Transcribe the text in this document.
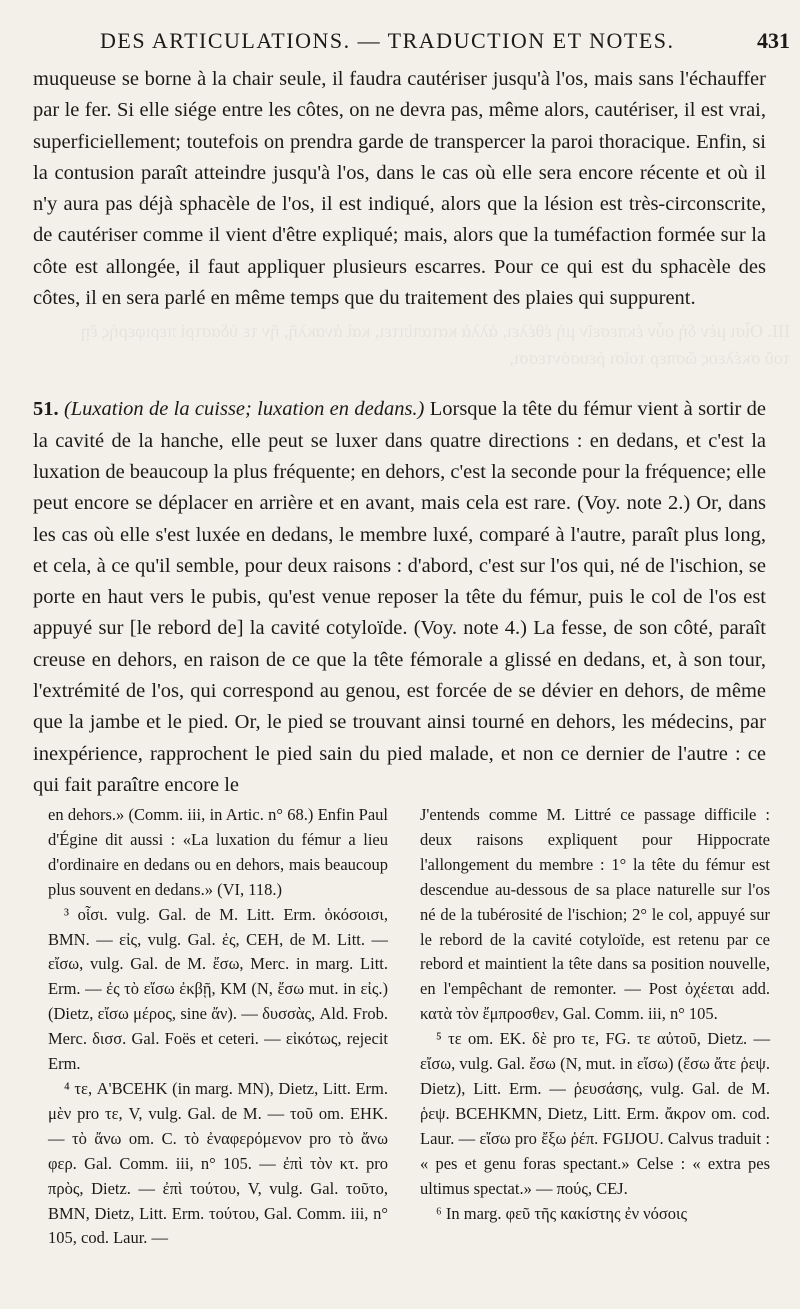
ΙΙΙ. Οἷσι μὲν δὴ οὖν ἐκπεσεῖν μὴ ἐθέλει, ἀλλὰ καταπίπτει, καὶ ἀνακλῆ, ἤν τε ὑδαστρὶ περιφερὴς ἔῃ τοῦ σκέλεος ὥσπερ τοῖσι ῥευσόντεσσι,
DES ARTICULATIONS. — TRADUCTION ET NOTES.	431

muqueuse se borne à la chair seule, il faudra cautériser jusqu'à l'os, mais sans l'échauffer par le fer. Si elle siége entre les côtes, on ne devra pas, même alors, cautériser, il est vrai, superficiellement; toutefois on prendra garde de transpercer la paroi thoracique. Enfin, si la contusion paraît atteindre jusqu'à l'os, dans le cas où elle sera encore récente et où il n'y aura pas déjà sphacèle de l'os, il est indiqué, alors que la lésion est très-circonscrite, de cautériser comme il vient d'être expliqué; mais, alors que la tuméfaction formée sur la côte est allongée, il faut appliquer plusieurs escarres. Pour ce qui est du sphacèle des côtes, il en sera parlé en même temps que du traitement des plaies qui suppurent.

51. (Luxation de la cuisse; luxation en dedans.) Lorsque la tête du fémur vient à sortir de la cavité de la hanche, elle peut se luxer dans quatre directions : en dedans, et c'est la luxation de beaucoup la plus fréquente; en dehors, c'est la seconde pour la fréquence; elle peut encore se déplacer en arrière et en avant, mais cela est rare. (Voy. note 2.) Or, dans les cas où elle s'est luxée en dedans, le membre luxé, comparé à l'autre, paraît plus long, et cela, à ce qu'il semble, pour deux raisons : d'abord, c'est sur l'os qui, né de l'ischion, se porte en haut vers le pubis, qu'est venue reposer la tête du fémur, puis le col de l'os est appuyé sur [le rebord de] la cavité cotyloïde. (Voy. note 4.) La fesse, de son côté, paraît creuse en dehors, en raison de ce que la tête fémorale a glissé en dedans, et, à son tour, l'extrémité de l'os, qui correspond au genou, est forcée de se dévier en dehors, de même que la jambe et le pied. Or, le pied se trouvant ainsi tourné en dehors, les médecins, par inexpérience, rapprochent le pied sain du pied malade, et non ce dernier de l'autre : ce qui fait paraître encore le

en dehors.» (Comm. iii, in Artic. n° 68.) Enfin Paul d'Égine dit aussi : «La luxation du fémur a lieu d'ordinaire en dedans ou en dehors, mais beaucoup plus souvent en dedans.» (VI, 118.)

³ οἷσι. vulg. Gal. de M. Litt. Erm. ὁκόσοισι, BMN. — εἰς, vulg. Gal. ἐς, CEH, de M. Litt. — εἴσω, vulg. Gal. de M. ἔσω, Merc. in marg. Litt. Erm. — ἐς τὸ εἴσω ἐκβῇ, KM (N, ἔσω mut. in εἰς.) (Dietz, εἴσω μέρος, sine ἄν). — δυσσὰς, Ald. Frob. Merc. δισσ. Gal. Foës et ceteri. — εἰκότως, rejecit Erm.

⁴ τε, A'BCEHK (in marg. MN), Dietz, Litt. Erm. μὲν pro τε, V, vulg. Gal. de M. — τοῦ om. EHK. — τὸ ἄνω om. C. τὸ ἐναφερόμενον pro τὸ ἄνω φερ. Gal. Comm. iii, n° 105. — ἐπὶ τὸν κτ. pro πρὸς, Dietz. — ἐπὶ τούτου, V, vulg. Gal. τοῦτο, BMN, Dietz, Litt. Erm. τούτου, Gal. Comm. iii, n° 105, cod. Laur. —

J'entends comme M. Littré ce passage difficile : deux raisons expliquent pour Hippocrate l'allongement du membre : 1° la tête du fémur est descendue au-dessous de sa place naturelle sur l'os né de la tubérosité de l'ischion; 2° le col, appuyé sur le rebord de la cavité cotyloïde, est retenu par ce rebord et maintient la tête dans sa position nouvelle, en l'empêchant de remonter. — Post ὀχέεται add. κατὰ τὸν ἔμπροσθεν, Gal. Comm. iii, n° 105.

⁵ τε om. EK. δὲ pro τε, FG. τε αὐτοῦ, Dietz. — εἴσω, vulg. Gal. ἔσω (N, mut. in εἴσω) (ἔσω ἄτε ῥεψ. Dietz), Litt. Erm. — ῥευσάσης, vulg. Gal. de M. ῥεψ. BCEHKMN, Dietz, Litt. Erm. ἄκρον om. cod. Laur. — εἴσω pro ἔξω ῥέπ. FGIJOU. Calvus traduit : « pes et genu foras spectant.» Celse : « extra pes ultimus spectat.» — πούς, CEJ.

⁶ In marg. φεῦ τῆς κακίστης ἐν νόσοις
